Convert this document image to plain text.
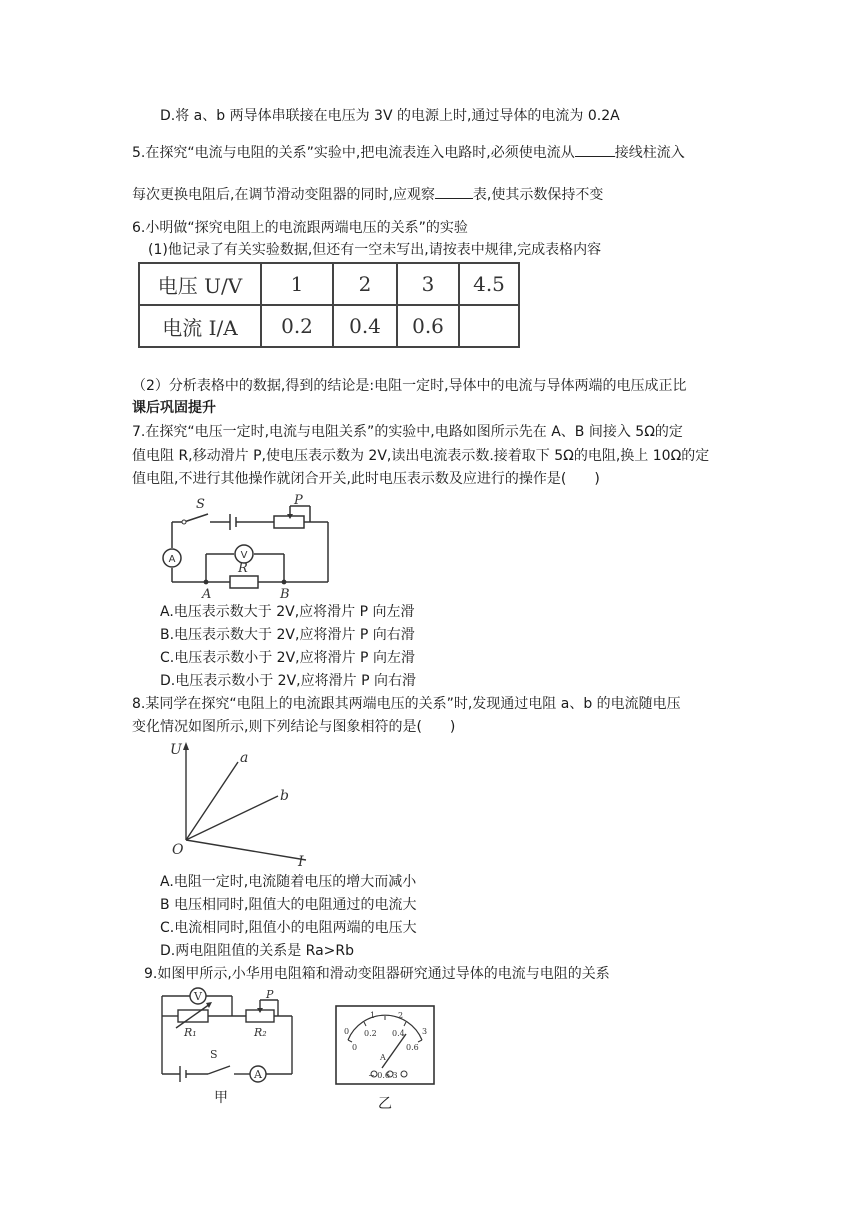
D.将 a、b 两导体串联接在电压为 3V 的电源上时,通过导体的电流为 0.2A
5.在探究“电流与电阻的关系”实验中,把电流表连入电路时,必须使电流从	接线柱流入
每次更换电阻后,在调节滑动变阻器的同时,应观察	表,使其示数保持不变
6.小明做“探究电阻上的电流跟两端电压的关系”的实验
(1)他记录了有关实验数据,但还有一空未写出,请按表中规律,完成表格内容
电压 U/V	1	2	3	4.5
电流 I/A	0.2	0.4	0.6	
（2）分析表格中的数据,得到的结论是:电阻一定时,导体中的电流与导体两端的电压成正比
课后巩固提升
7.在探究“电压一定时,电流与电阻关系”的实验中,电路如图所示先在 A、B 间接入 5Ω的定
值电阻 R,移动滑片 P,使电压表示数为 2V,读出电流表示数.接着取下 5Ω的电阻,换上 10Ω的定
值电阻,不进行其他操作就闭合开关,此时电压表示数及应进行的操作是(　　)
S	P
R
A	B
A	V
A.电压表示数大于 2V,应将滑片 P 向左滑
B.电压表示数大于 2V,应将滑片 P 向右滑
C.电压表示数小于 2V,应将滑片 P 向左滑
D.电压表示数小于 2V,应将滑片 P 向右滑
8.某同学在探究“电阻上的电流跟其两端电压的关系”时,发现通过电阻 a、b 的电流随电压
变化情况如图所示,则下列结论与图象相符的是(　　)
U
I
O
a
b
A.电阻一定时,电流随着电压的增大而减小
B 电压相同时,阻值大的电阻通过的电流大
C.电流相同时,阻值小的电阻两端的电压大
D.两电阻阻值的关系是 Ra>Rb
9.如图甲所示,小华用电阻箱和滑动变阻器研究通过导体的电流与电阻的关系
V	P
R₁	R₂
S
A
甲
0
1	2
3
0
0.2 0.4
0.6
A
− 0.6 3
乙
